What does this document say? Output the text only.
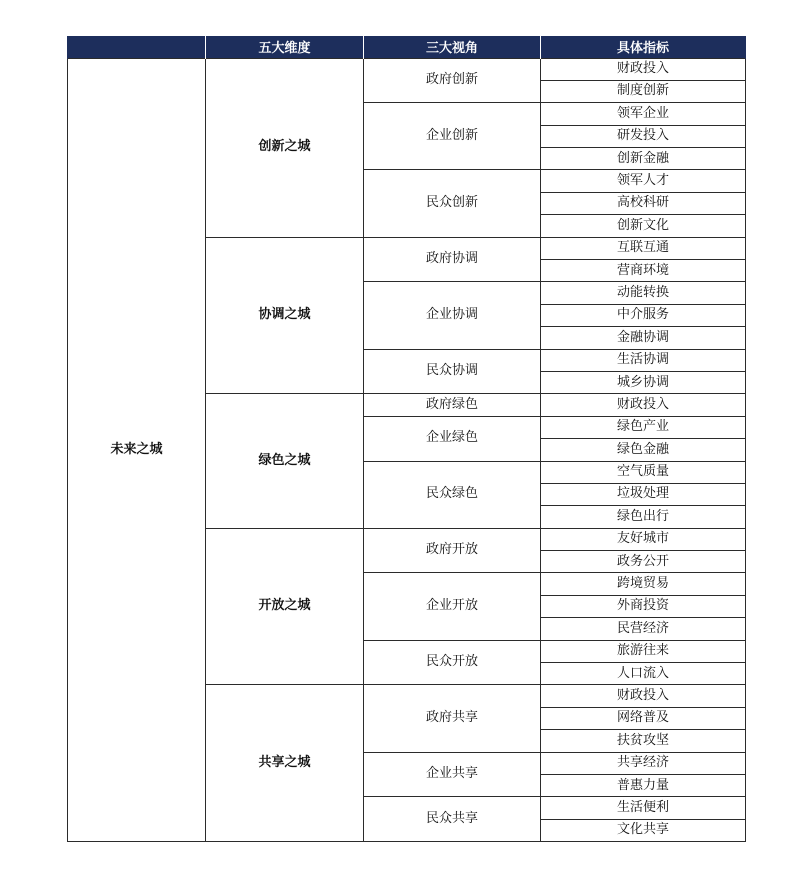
	五大维度	三大视角	具体指标
未来之城	创新之城	政府创新	财政投入
			制度创新
		企业创新	领军企业
			研发投入
			创新金融
		民众创新	领军人才
			高校科研
			创新文化
	协调之城	政府协调	互联互通
			营商环境
		企业协调	动能转换
			中介服务
			金融协调
		民众协调	生活协调
			城乡协调
	绿色之城	政府绿色	财政投入
		企业绿色	绿色产业
			绿色金融
		民众绿色	空气质量
			垃圾处理
			绿色出行
	开放之城	政府开放	友好城市
			政务公开
		企业开放	跨境贸易
			外商投资
			民营经济
		民众开放	旅游往来
			人口流入
	共享之城	政府共享	财政投入
			网络普及
			扶贫攻坚
		企业共享	共享经济
			普惠力量
		民众共享	生活便利
			文化共享
